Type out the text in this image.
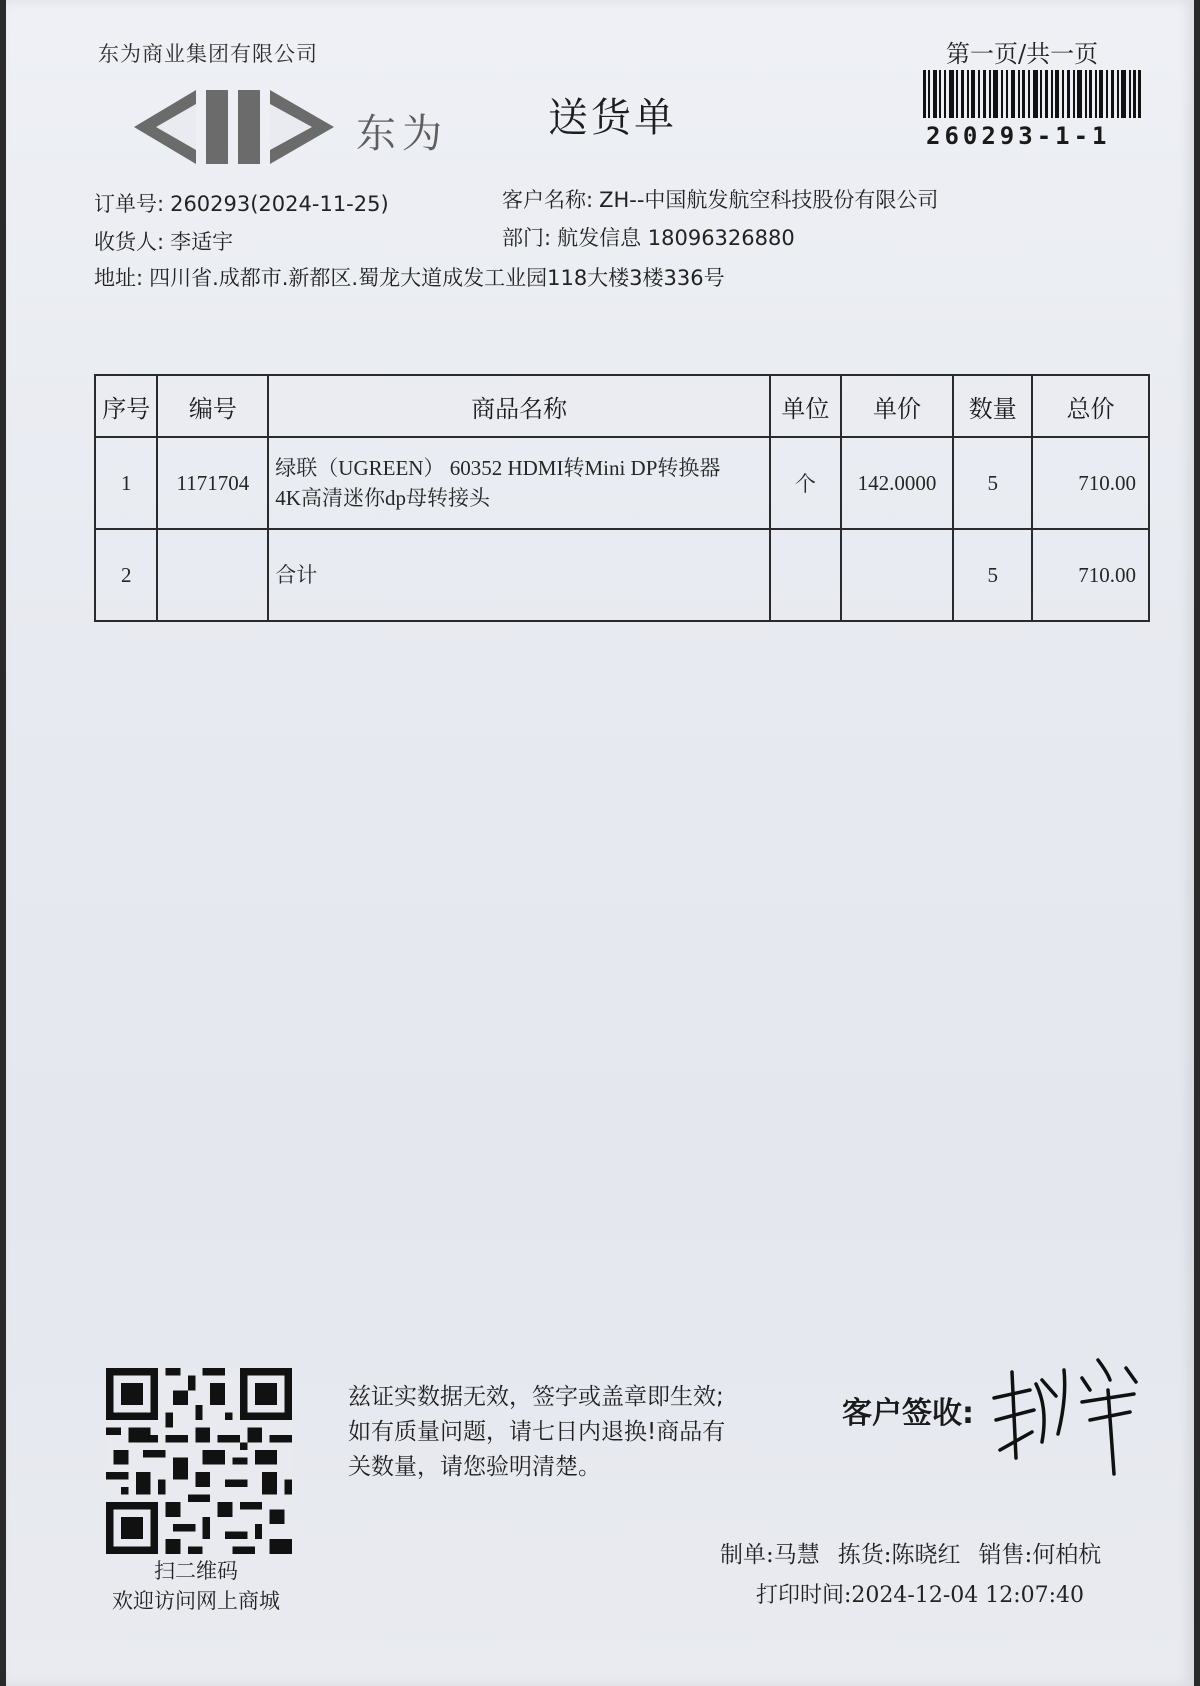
东为商业集团有限公司	第一页/共一页
东为	送货单	260293-1-1
订单号: 260293(2024-11-25)	客户名称: ZH--中国航发航空科技股份有限公司
收货人: 李适宇	部门: 航发信息 18096326880
地址: 四川省.成都市.新都区.蜀龙大道成发工业园118大楼3楼336号
序号	编号	商品名称	单位	单价	数量	总价
1	1171704	绿联（UGREEN） 60352 HDMI转Mini DP转换器
4K高清迷你dp母转接头	个	142.0000	5	710.00
2		合计			5	710.00
扫二维码
欢迎访问网上商城
兹证实数据无效，签字或盖章即生效;
如有质量问题，请七日内退换!商品有
关数量，请您验明清楚。
客户签收:
制单:马慧 拣货:陈晓红 销售:何柏杭
打印时间:2024-12-04 12:07:40
